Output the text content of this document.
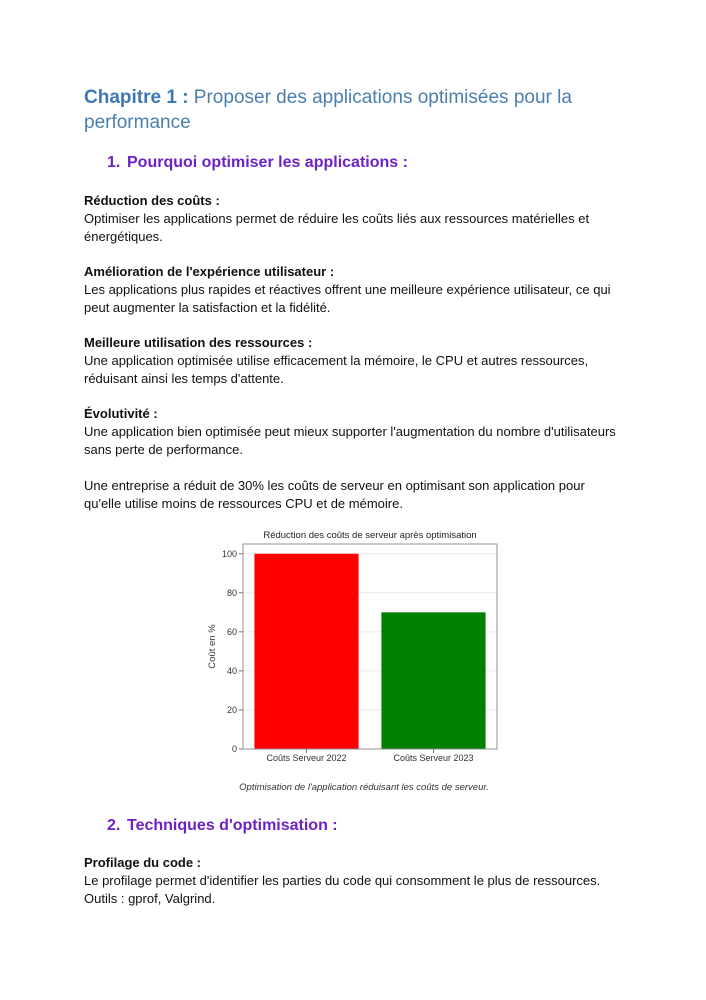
Chapitre 1 : Proposer des applications optimisées pour la performance
1. Pourquoi optimiser les applications :

Réduction des coûts :

Optimiser les applications permet de réduire les coûts liés aux ressources matérielles et énergétiques.

Amélioration de l'expérience utilisateur :

Les applications plus rapides et réactives offrent une meilleure expérience utilisateur, ce qui peut augmenter la satisfaction et la fidélité.

Meilleure utilisation des ressources :

Une application optimisée utilise efficacement la mémoire, le CPU et autres ressources, réduisant ainsi les temps d'attente.

Évolutivité :

Une application bien optimisée peut mieux supporter l'augmentation du nombre d'utilisateurs sans perte de performance.

Une entreprise a réduit de 30% les coûts de serveur en optimisant son application pour qu'elle utilise moins de ressources CPU et de mémoire.

Réduction des coûts de serveur après optimisation
0
20
40
60
80
100
Coûts Serveur 2022	Coûts Serveur 2023
Coût en %

Optimisation de l'application réduisant les coûts de serveur.

2. Techniques d'optimisation :

Profilage du code :

Le profilage permet d'identifier les parties du code qui consomment le plus de ressources.

Outils : gprof, Valgrind.
